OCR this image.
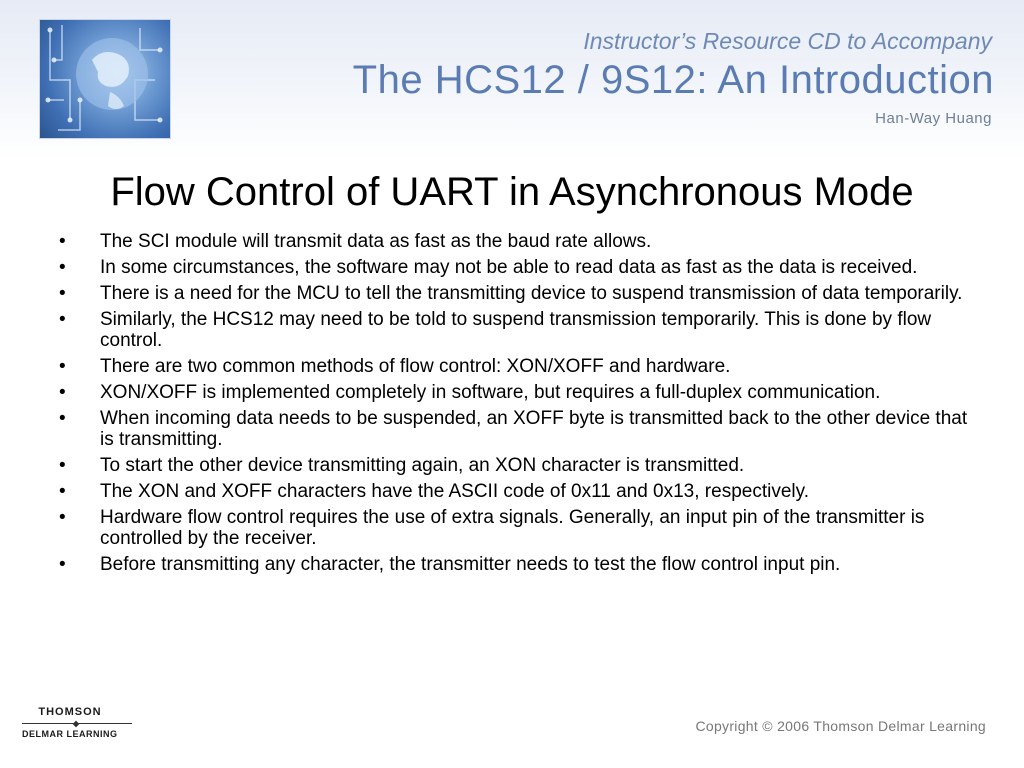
Instructor’s Resource CD to Accompany
The HCS12 / 9S12: An Introduction
Han-Way Huang
Flow Control of UART in Asynchronous Mode
• The SCI module will transmit data as fast as the baud rate allows.
• In some circumstances, the software may not be able to read data as fast as the data is received.
• There is a need for the MCU to tell the transmitting device to suspend transmission of data temporarily.
• Similarly, the HCS12 may need to be told to suspend transmission temporarily. This is done by flow control.
• There are two common methods of flow control: XON/XOFF and hardware.
• XON/XOFF is implemented completely in software, but requires a full-duplex communication.
• When incoming data needs to be suspended, an XOFF byte is transmitted back to the other device that is transmitting.
• To start the other device transmitting again, an XON character is transmitted.
• The XON and XOFF characters have the ASCII code of 0x11 and 0x13, respectively.
• Hardware flow control requires the use of extra signals. Generally, an input pin of the transmitter is controlled by the receiver.
• Before transmitting any character, the transmitter needs to test the flow control input pin.
THOMSON
DELMAR LEARNING	Copyright © 2006 Thomson Delmar Learning
